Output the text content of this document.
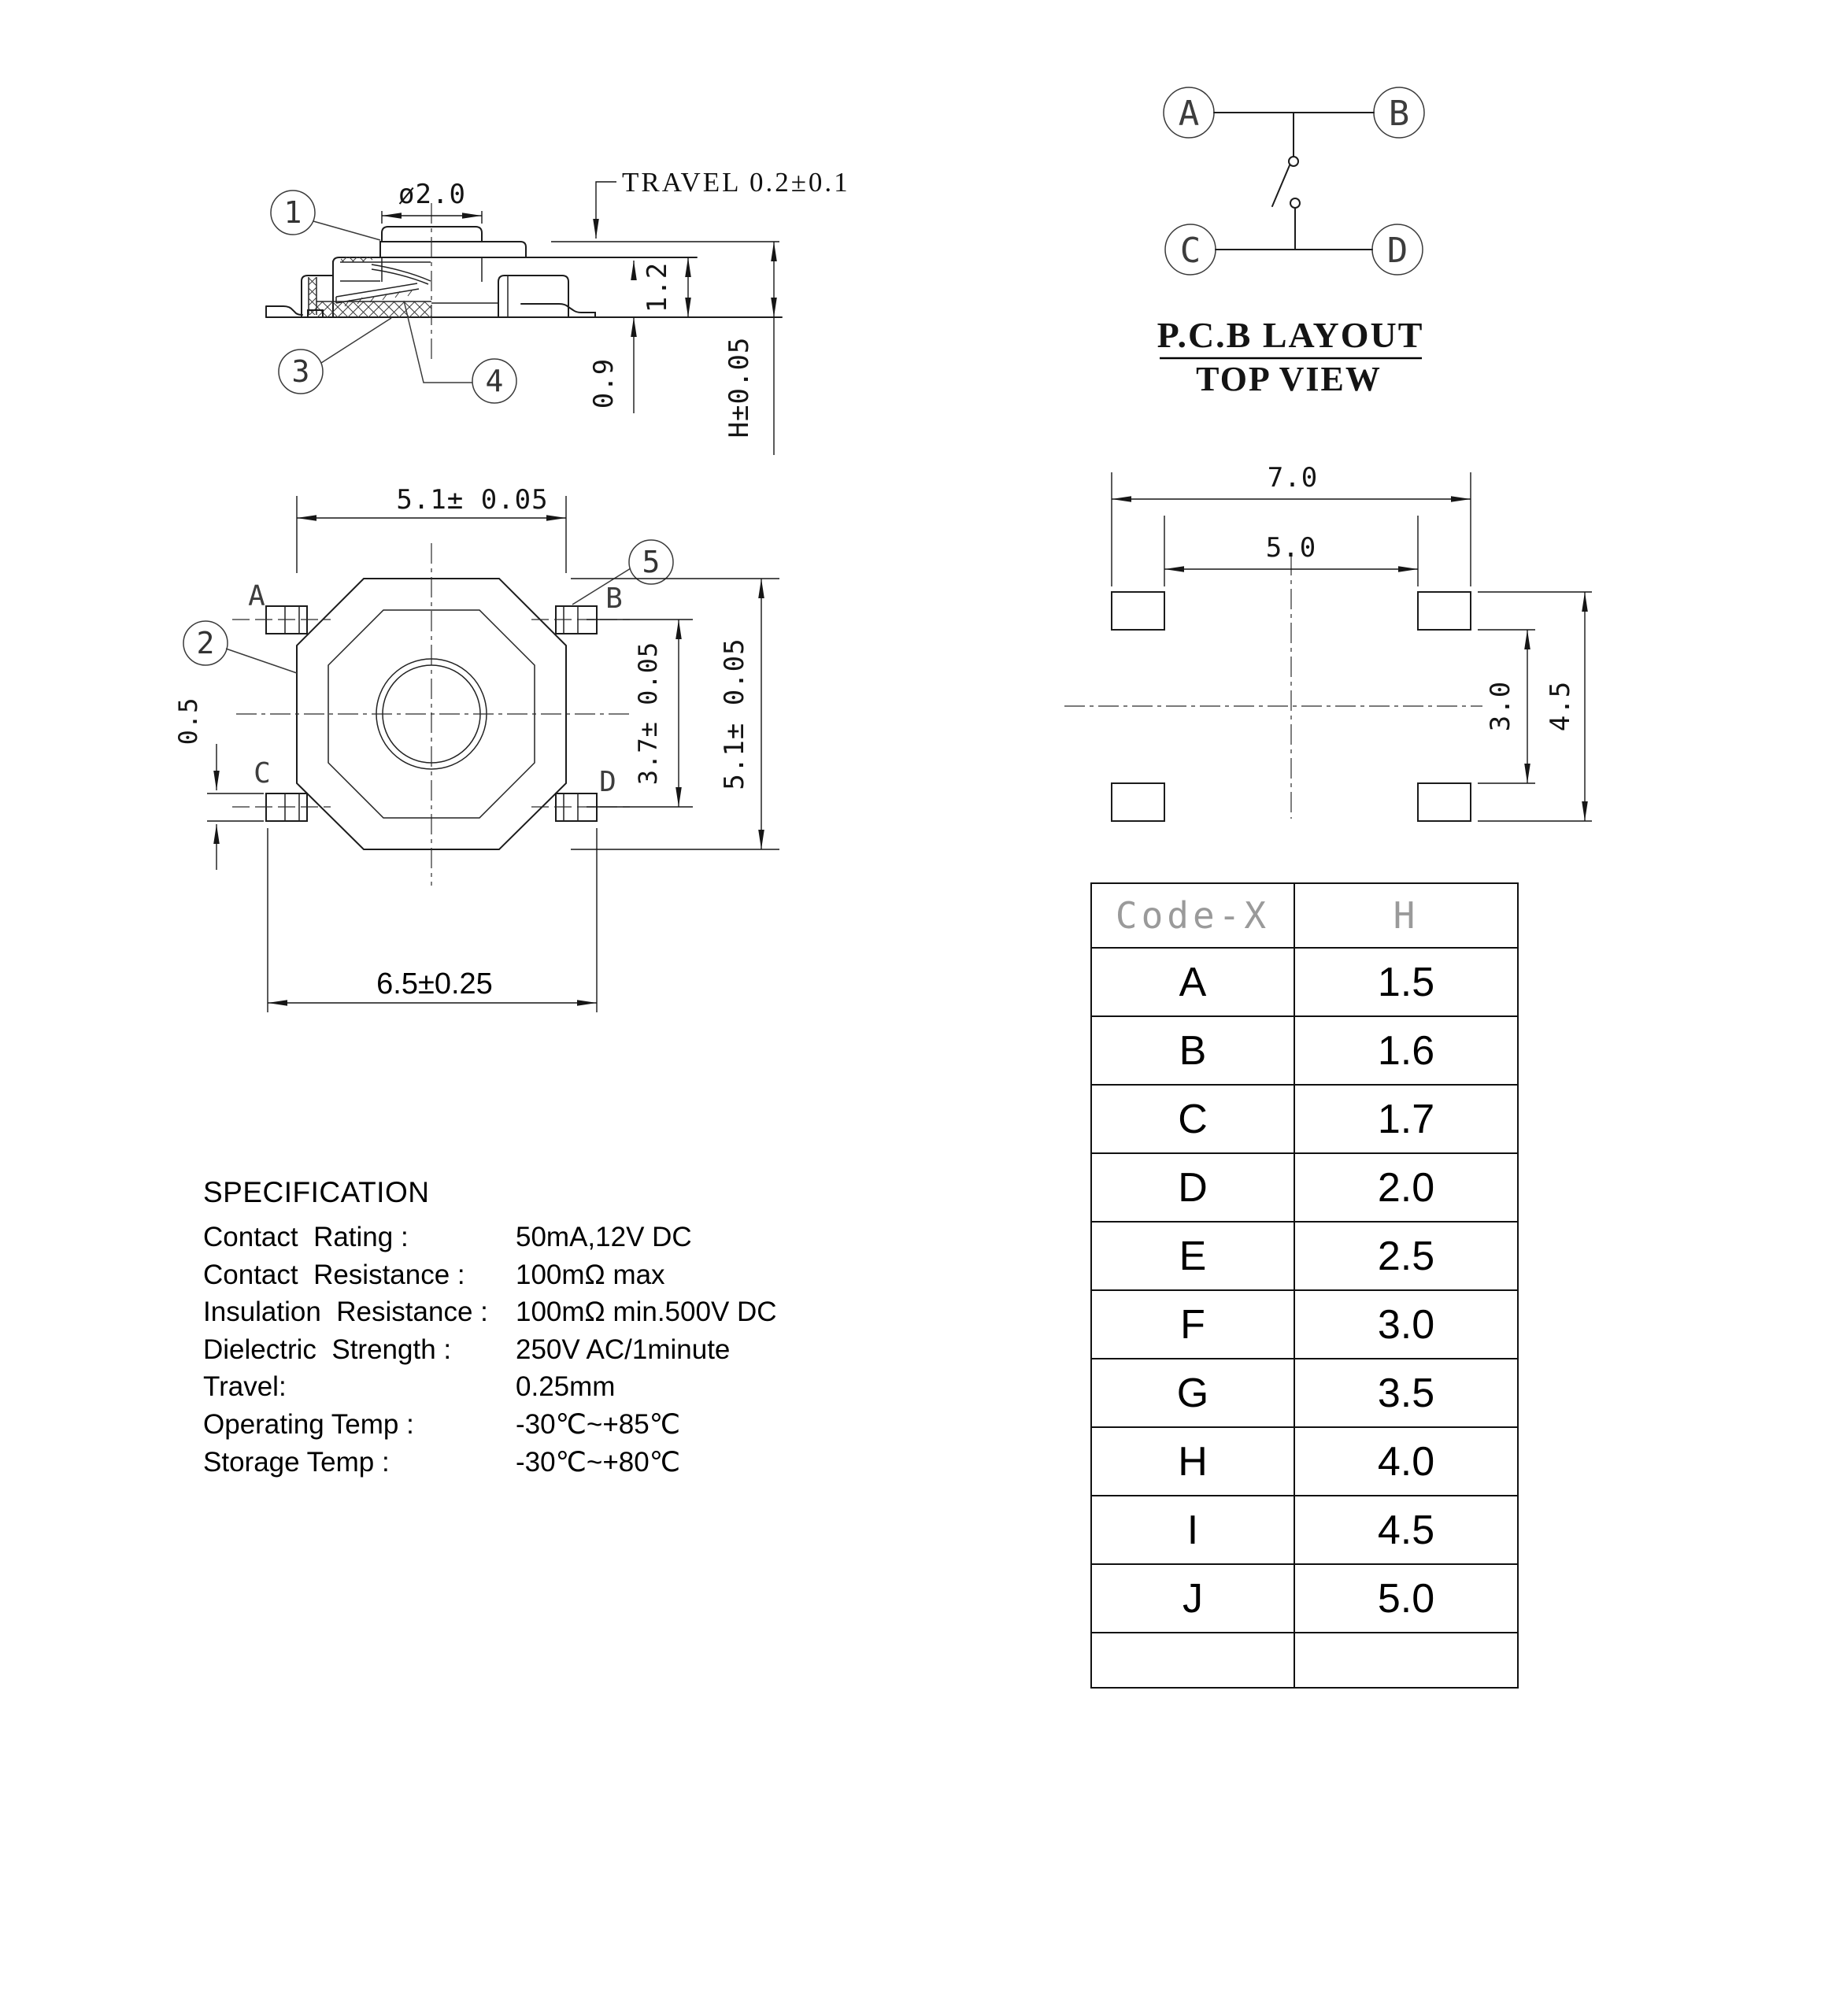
ø2.0	TRAVEL 0.2±0.1
1.2
0.9	H±0.05
1
3	4
A	B
C	D
P.C.B LAYOUT
TOP VIEW
A	B
C	D
2
5
5.1± 0.05
5.1± 0.05
3.7± 0.05
0.5
6.5±0.25
7.0
5.0
3.0 4.5
SPECIFICATION

Contact  Rating :

	50mA,12V DC

Contact  Resistance :

100mΩ max

Insulation  Resistance :

100mΩ min.500V DC

Dielectric  Strength :

250V AC/1minute

Travel:

	0.25mm

Operating Temp :

	-30℃~+85℃

Storage Temp :

	-30℃~+80℃

Code-X	H
A	1.5
B	1.6
C	1.7
D	2.0
E	2.5
F	3.0
G	3.5
H	4.0
I	4.5
J	5.0
